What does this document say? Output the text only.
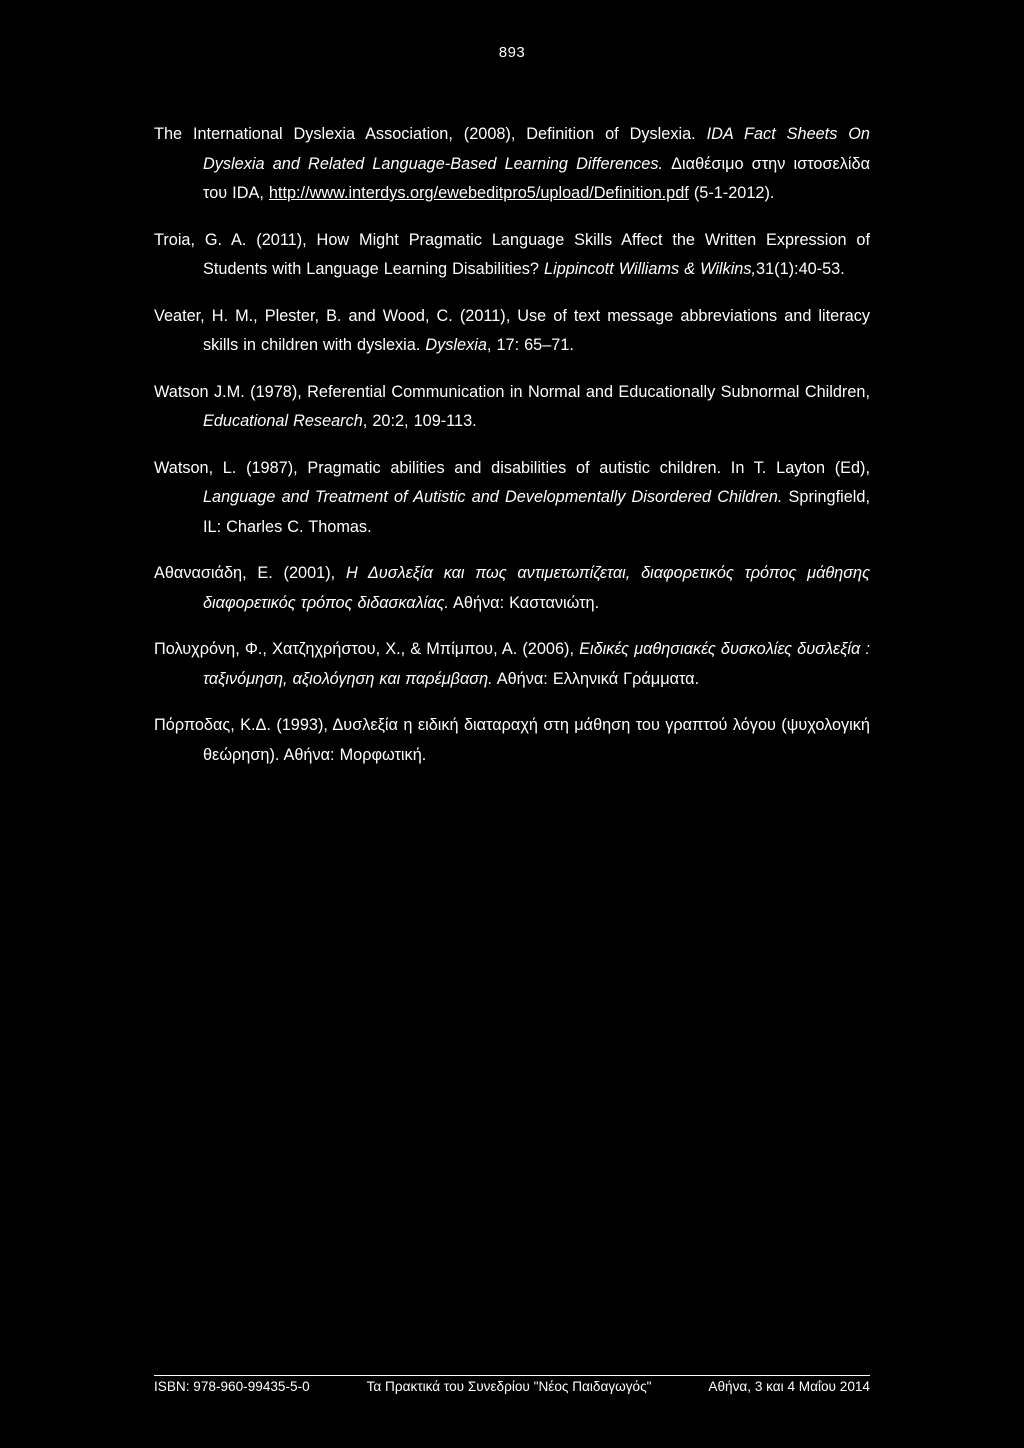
893

The International Dyslexia Association, (2008), Definition of Dyslexia. IDA Fact Sheets On Dyslexia and Related Language-Based Learning Differences. Διαθέσιμο στην ιστοσελίδα του IDA, http://www.interdys.org/ewebeditpro5/upload/Definition.pdf (5-1-2012).

Troia, G. A. (2011), How Might Pragmatic Language Skills Affect the Written Expression of Students with Language Learning Disabilities? Lippincott Williams & Wilkins,31(1):40-53.

Veater, H. M., Plester, B. and Wood, C. (2011), Use of text message abbreviations and literacy skills in children with dyslexia. Dyslexia, 17: 65–71.

Watson J.M. (1978), Referential Communication in Normal and Educationally Subnormal Children, Educational Research, 20:2, 109-113.

Watson, L. (1987), Pragmatic abilities and disabilities of autistic children. In T. Layton (Ed), Language and Treatment of Autistic and Developmentally Disordered Children. Springfield, IL: Charles C. Thomas.

Αθανασιάδη, Ε. (2001), Η Δυσλεξία και πως αντιμετωπίζεται, διαφορετικός τρόπος μάθησης διαφορετικός τρόπος διδασκαλίας. Αθήνα: Καστανιώτη.

Πολυχρόνη, Φ., Χατζηχρήστου, Χ., & Μπίμπου, Α. (2006), Ειδικές μαθησιακές δυσκολίες δυσλεξία : ταξινόμηση, αξιολόγηση και παρέμβαση. Αθήνα: Ελληνικά Γράμματα.

Πόρποδας, Κ.Δ. (1993), Δυσλεξία η ειδική διαταραχή στη μάθηση του γραπτού λόγου (ψυχολογική θεώρηση). Αθήνα: Μορφωτική.

ISBN: 978-960-99435-5-0	Τα Πρακτικά του Συνεδρίου "Νέος Παιδαγωγός"	Αθήνα, 3 και 4 Μαΐου 2014
